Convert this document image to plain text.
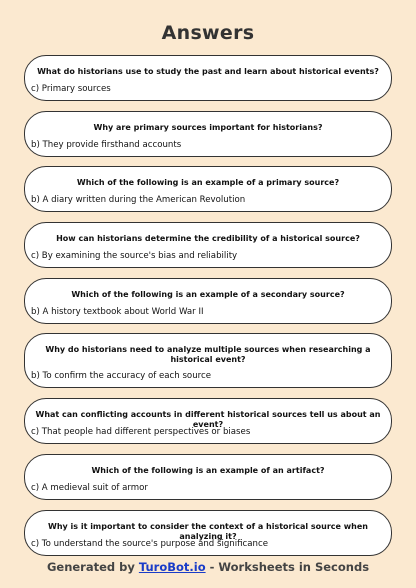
Answers
What do historians use to study the past and learn about historical events?
c) Primary sources
Why are primary sources important for historians?
b) They provide firsthand accounts
Which of the following is an example of a primary source?
b) A diary written during the American Revolution
How can historians determine the credibility of a historical source?
c) By examining the source's bias and reliability
Which of the following is an example of a secondary source?
b) A history textbook about World War II
Why do historians need to analyze multiple sources when researching a historical event?
b) To confirm the accuracy of each source
What can conflicting accounts in different historical sources tell us about an event?
c) That people had different perspectives or biases
Which of the following is an example of an artifact?
c) A medieval suit of armor
Why is it important to consider the context of a historical source when analyzing it?
c) To understand the source's purpose and significance
Generated by TuroBot.io - Worksheets in Seconds
